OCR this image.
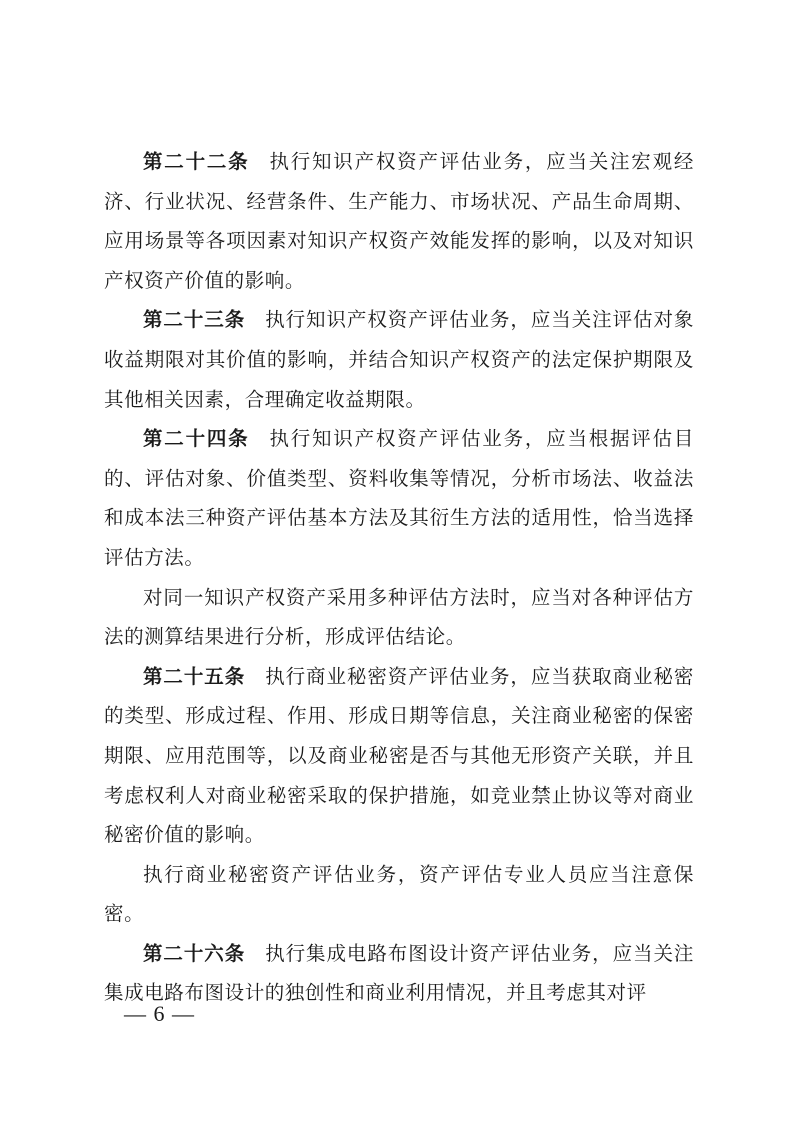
第二十二条 执行知识产权资产评估业务，应当关注宏观经济、行业状况、经营条件、生产能力、市场状况、产品生命周期、应用场景等各项因素对知识产权资产效能发挥的影响，以及对知识产权资产价值的影响。

第二十三条 执行知识产权资产评估业务，应当关注评估对象收益期限对其价值的影响，并结合知识产权资产的法定保护期限及其他相关因素，合理确定收益期限。

第二十四条 执行知识产权资产评估业务，应当根据评估目的、评估对象、价值类型、资料收集等情况，分析市场法、收益法和成本法三种资产评估基本方法及其衍生方法的适用性，恰当选择评估方法。

对同一知识产权资产采用多种评估方法时，应当对各种评估方法的测算结果进行分析，形成评估结论。

第二十五条 执行商业秘密资产评估业务，应当获取商业秘密的类型、形成过程、作用、形成日期等信息，关注商业秘密的保密期限、应用范围等，以及商业秘密是否与其他无形资产关联，并且考虑权利人对商业秘密采取的保护措施，如竞业禁止协议等对商业秘密价值的影响。

执行商业秘密资产评估业务，资产评估专业人员应当注意保密。

第二十六条 执行集成电路布图设计资产评估业务，应当关注集成电路布图设计的独创性和商业利用情况，并且考虑其对评

— 6 —
